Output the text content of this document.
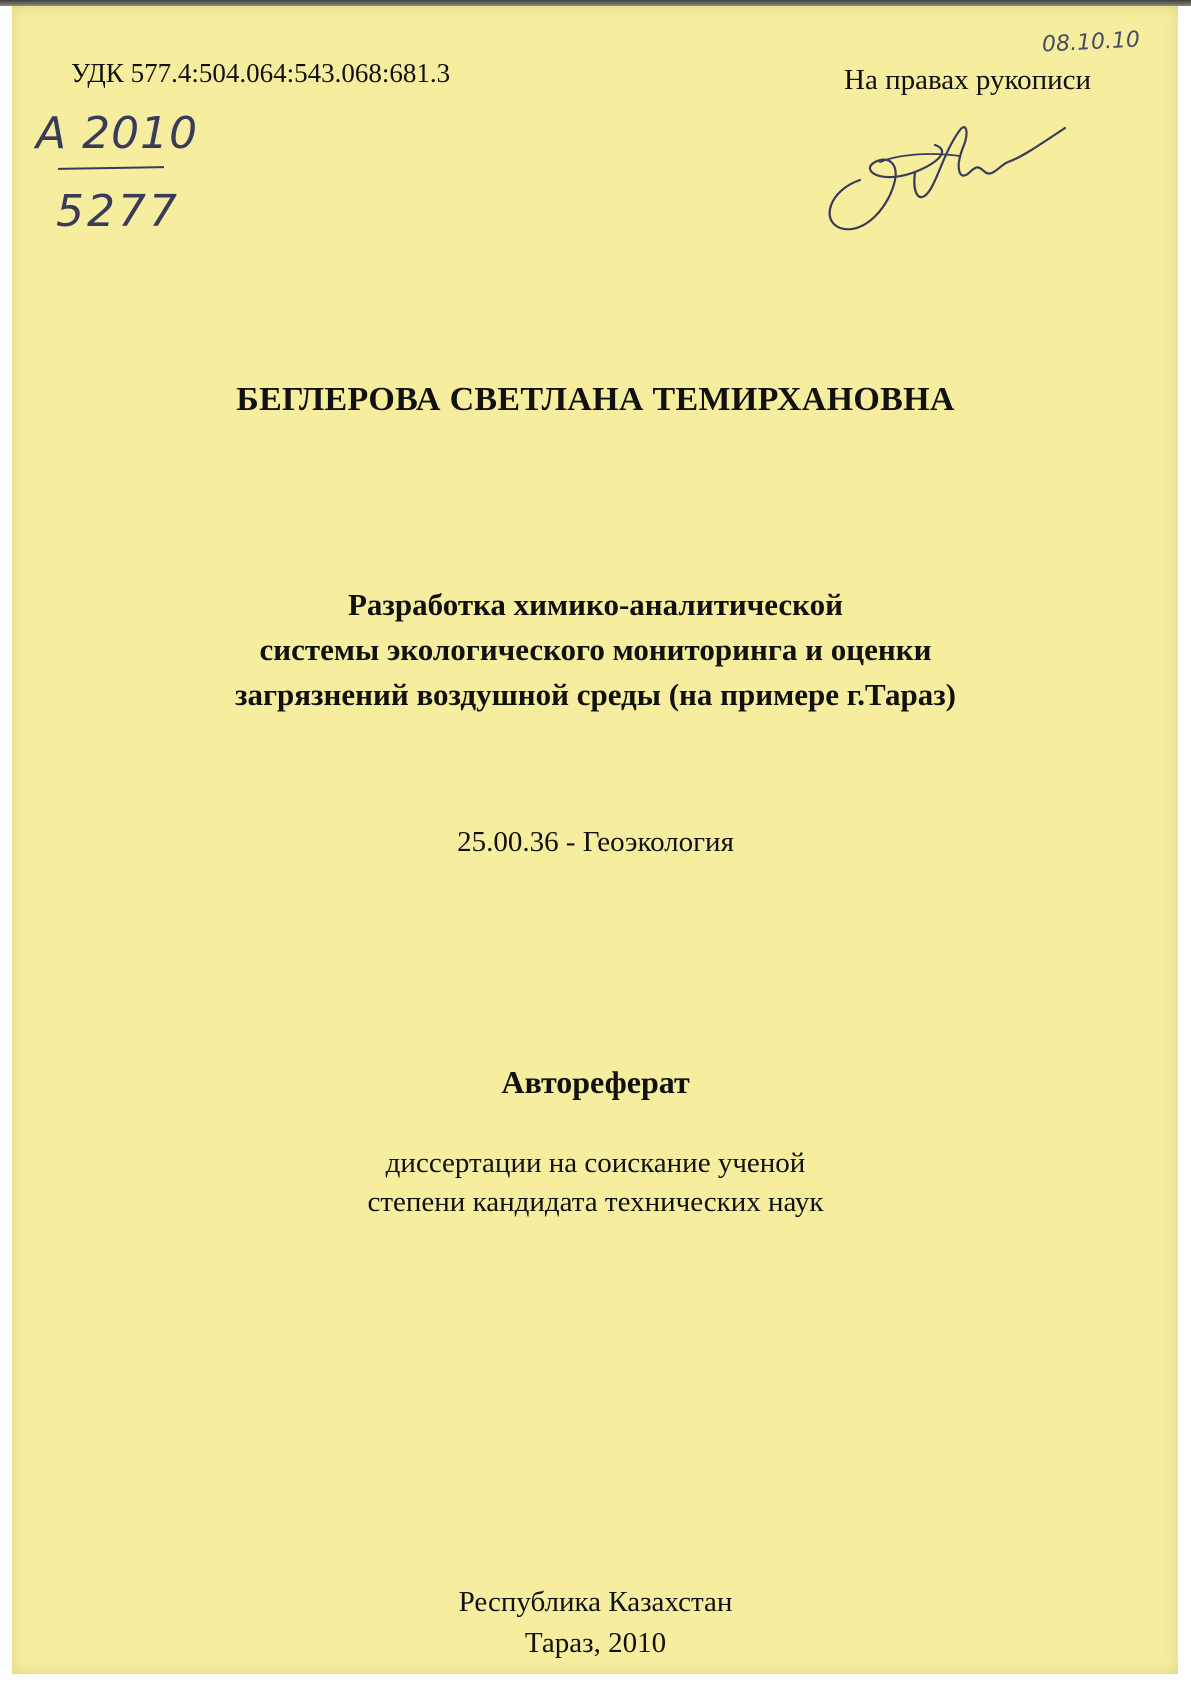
УДК 577.4:504.064:543.068:681.3	На правах рукописи

08.10.10

A 2010

5277

БЕГЛЕРОВА СВЕТЛАНА ТЕМИРХАНОВНА

Разработка химико-аналитической
системы экологического мониторинга и оценки
загрязнений воздушной среды (на примере г.Тараз)

25.00.36 - Геоэкология

Автореферат

диссертации на соискание ученой
степени кандидата технических наук
Республика Казахстан
Тараз, 2010
